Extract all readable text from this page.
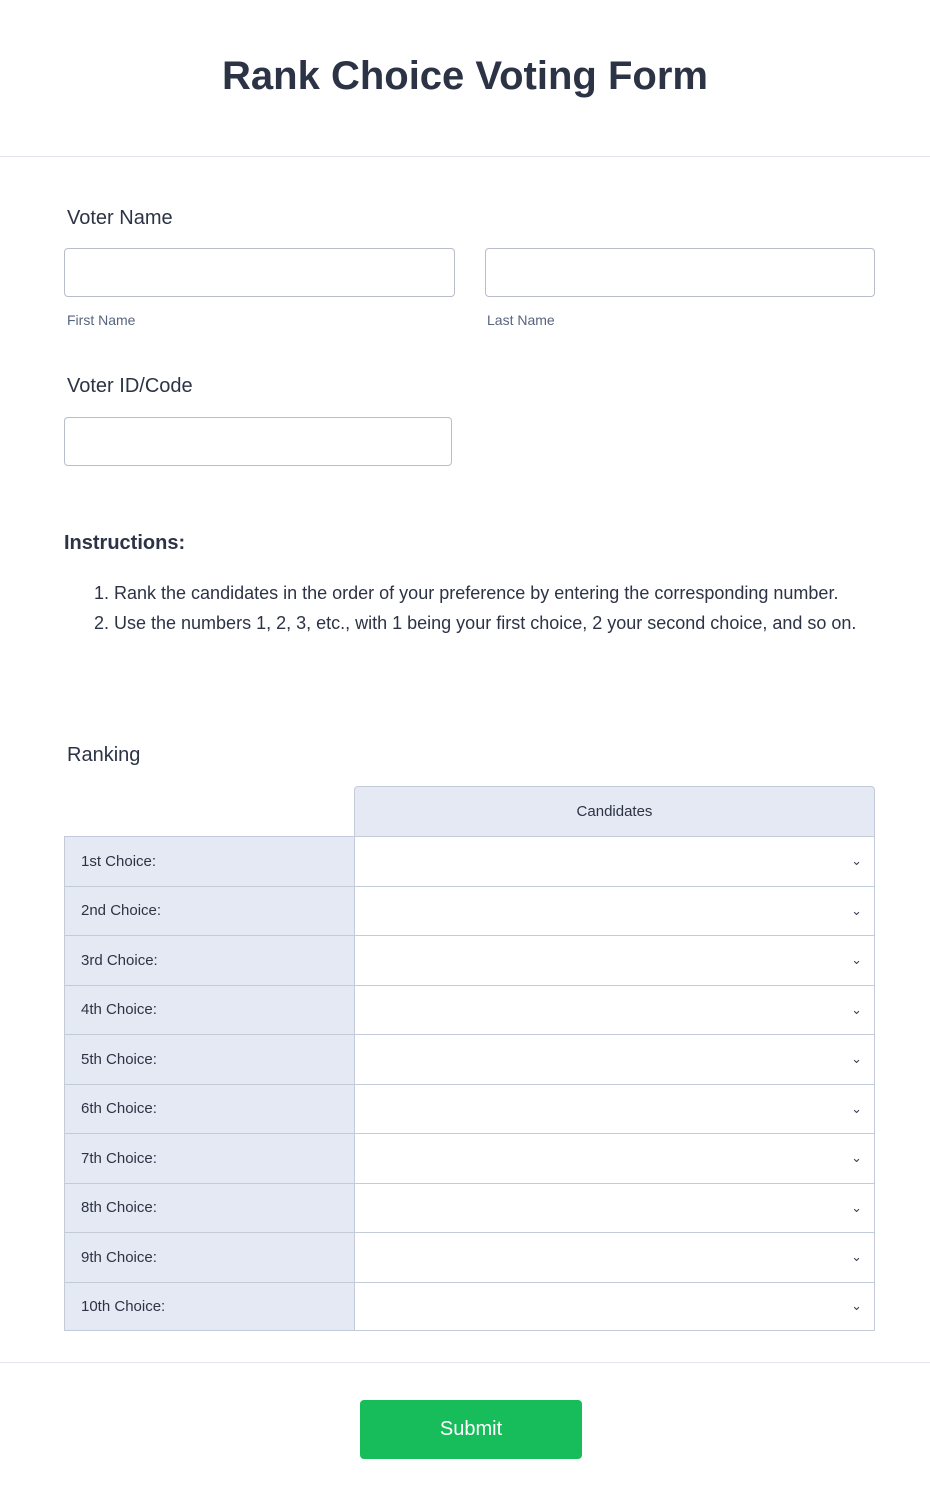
Rank Choice Voting Form
Voter Name
First Name	Last Name
Voter ID/Code
Instructions:
1. Rank the candidates in the order of your preference by entering the corresponding number.
2. Use the numbers 1, 2, 3, etc., with 1 being your first choice, 2 your second choice, and so on.
Ranking
	Candidates
1st Choice:	⌄

2nd Choice:	⌄

3rd Choice:	⌄

4th Choice:	⌄

5th Choice:	⌄

6th Choice:	⌄

7th Choice:	⌄

8th Choice:	⌄

9th Choice:	⌄

10th Choice:	⌄
Submit
